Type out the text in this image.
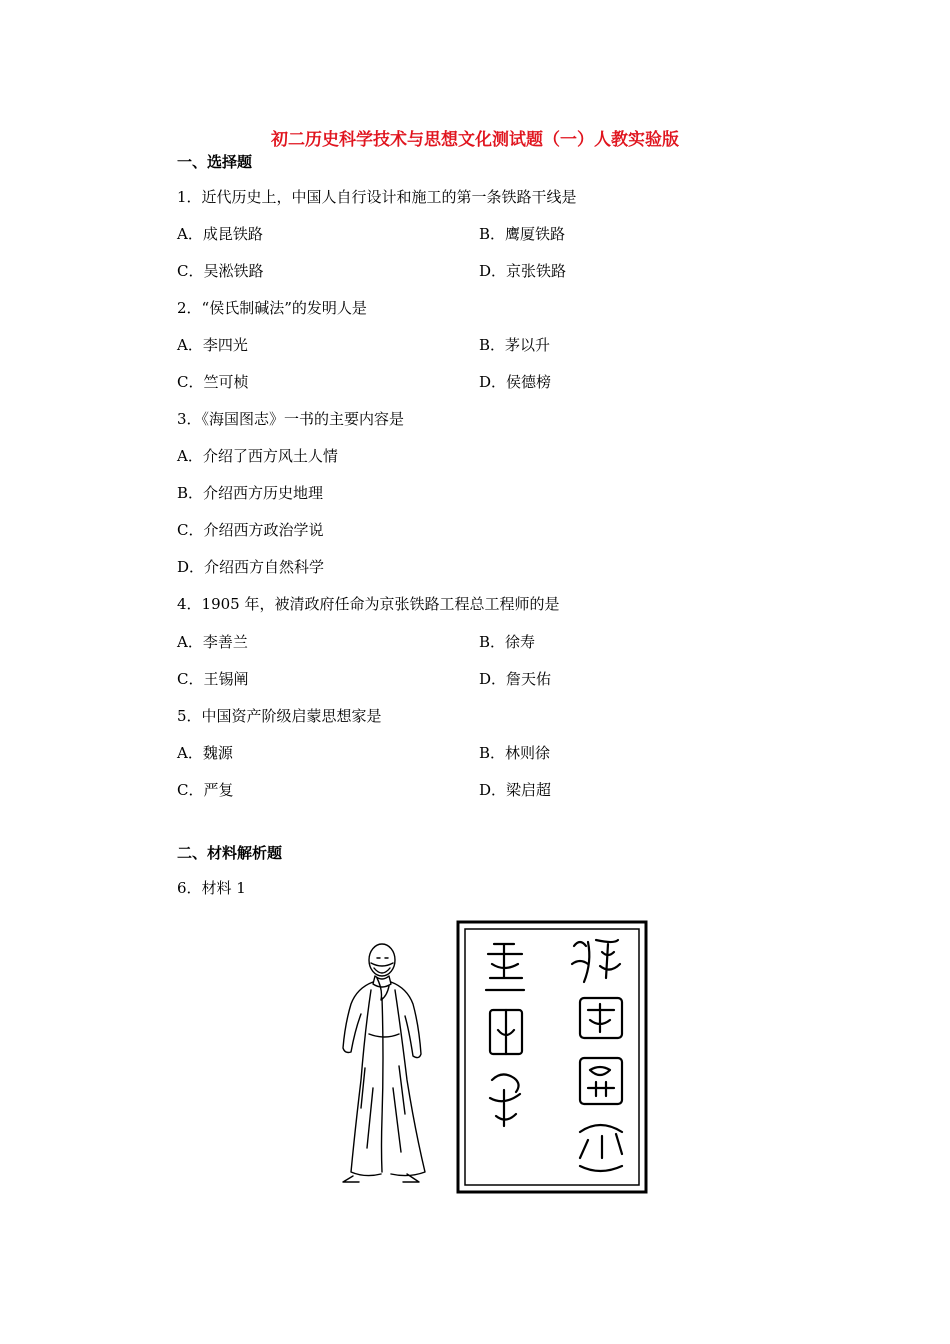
初二历史科学技术与思想文化测试题（一）人教实验版
一、选择题
1．近代历史上，中国人自行设计和施工的第一条铁路干线是
A．成昆铁路	B．鹰厦铁路
C．吴淞铁路	D．京张铁路
2．“侯氏制碱法”的发明人是
A．李四光	B．茅以升
C．竺可桢	D．侯德榜
3．《海国图志》一书的主要内容是
A．介绍了西方风土人情
B．介绍西方历史地理
C．介绍西方政治学说
D．介绍西方自然科学
4．1905 年，被清政府任命为京张铁路工程总工程师的是
A．李善兰	B．徐寿
C．王锡阐	D．詹天佑
5．中国资产阶级启蒙思想家是
A．魏源	B．林则徐
C．严复	D．梁启超
二、材料解析题
6．材料 1
